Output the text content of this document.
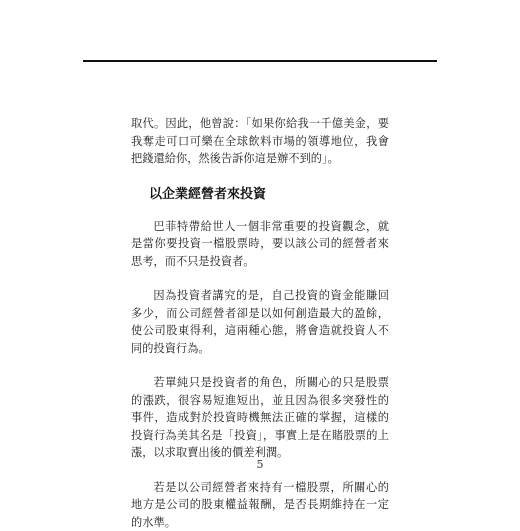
取代。因此，他曾說：「如果你給我一千億美金，要我奪走可口可樂在全球飲料市場的領導地位，我會把錢還給你，然後告訴你這是辦不到的」。

以企業經營者來投資

巴菲特帶給世人一個非常重要的投資觀念，就是當你要投資一檔股票時，要以該公司的經營者來思考，而不只是投資者。

因為投資者講究的是，自己投資的資金能賺回多少，而公司經營者卻是以如何創造最大的盈餘，使公司股東得利，這兩種心態，將會造就投資人不同的投資行為。

若單純只是投資者的角色，所關心的只是股票的漲跌，很容易短進短出，並且因為很多突發性的事件，造成對於投資時機無法正確的掌握，這樣的投資行為美其名是「投資」，事實上是在賭股票的上漲，以求取賣出後的價差利潤。

若是以公司經營者來持有一檔股票，所關心的地方是公司的股東權益報酬，是否長期維持在一定的水準。

5
